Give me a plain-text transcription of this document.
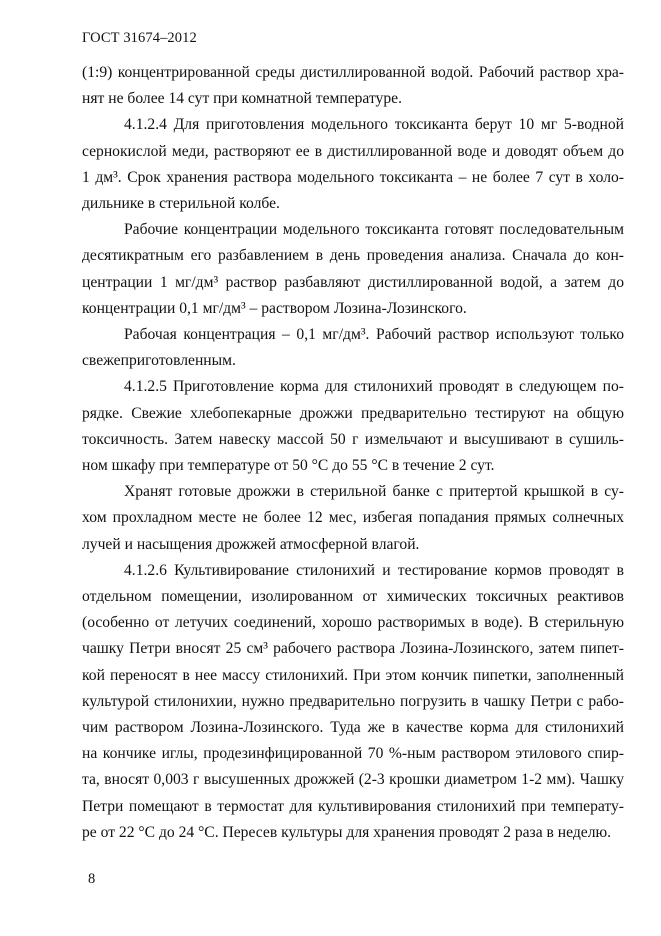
ГОСТ 31674–2012

(1:9) концентрированной среды дистиллированной водой. Рабочий раствор хра-
нят не более 14 сут при комнатной температуре.

4.1.2.4 Для приготовления модельного токсиканта берут 10 мг 5-водной
сернокислой меди, растворяют ее в дистиллированной воде и доводят объем до
1 дм³. Срок хранения раствора модельного токсиканта – не более 7 сут в холо-
дильнике в стерильной колбе.

Рабочие концентрации модельного токсиканта готовят последовательным
десятикратным его разбавлением в день проведения анализа. Сначала до кон-
центрации 1 мг/дм³ раствор разбавляют дистиллированной водой, а затем до
концентрации 0,1 мг/дм³ – раствором Лозина-Лозинского.

Рабочая концентрация – 0,1 мг/дм³. Рабочий раствор используют только
свежеприготовленным.

4.1.2.5 Приготовление корма для стилонихий проводят в следующем по-
рядке. Свежие хлебопекарные дрожжи предварительно тестируют на общую
токсичность. Затем навеску массой 50 г измельчают и высушивают в сушиль-
ном шкафу при температуре от 50 °С до 55 °С в течение 2 сут.

Хранят готовые дрожжи в стерильной банке с притертой крышкой в су-
хом прохладном месте не более 12 мес, избегая попадания прямых солнечных
лучей и насыщения дрожжей атмосферной влагой.

4.1.2.6 Культивирование стилонихий и тестирование кормов проводят в
отдельном помещении, изолированном от химических токсичных реактивов
(особенно от летучих соединений, хорошо растворимых в воде). В стерильную
чашку Петри вносят 25 см³ рабочего раствора Лозина-Лозинского, затем пипет-
кой переносят в нее массу стилонихий. При этом кончик пипетки, заполненный
культурой стилонихии, нужно предварительно погрузить в чашку Петри с рабо-
чим раствором Лозина-Лозинского. Туда же в качестве корма для стилонихий
на кончике иглы, продезинфицированной 70 %-ным раствором этилового спир-
та, вносят 0,003 г высушенных дрожжей (2-3 крошки диаметром 1-2 мм). Чашку
Петри помещают в термостат для культивирования стилонихий при температу-
ре от 22 °С до 24 °С. Пересев культуры для хранения проводят 2 раза в неделю.

8
